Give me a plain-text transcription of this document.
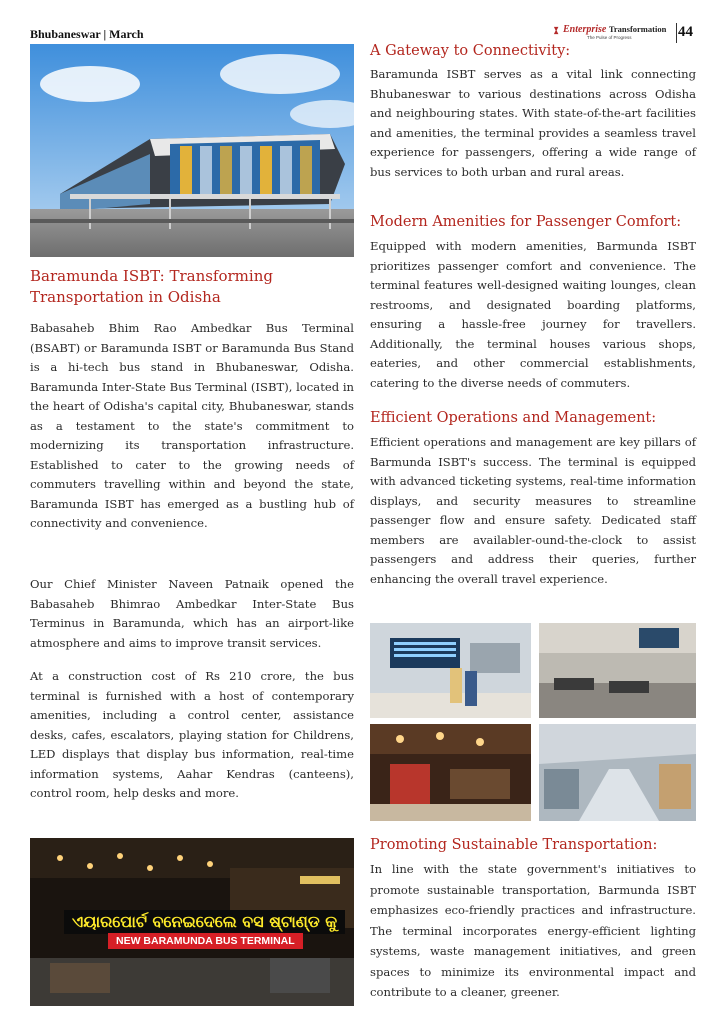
Bhubaneswar | March	Enterprise Transformation
The Pulse of Progress	44
Baramunda ISBT: Transforming Transportation in Odisha

Babasaheb Bhim Rao Ambedkar Bus Terminal (BSABT) or Baramunda ISBT or Baramunda Bus Stand is a hi-tech bus stand in Bhubaneswar, Odisha. Baramunda Inter-State Bus Terminal (ISBT), located in the heart of Odisha's capital city, Bhubaneswar, stands as a testament to the state's commitment to modernizing its transportation infrastructure. Established to cater to the growing needs of commuters travelling within and beyond the state, Baramunda ISBT has emerged as a bustling hub of connectivity and convenience.

Our Chief Minister Naveen Patnaik opened the Babasaheb Bhimrao Ambedkar Inter-State Bus Terminus in Baramunda, which has an airport-like atmosphere and aims to improve transit services.

At a construction cost of Rs 210 crore, the bus terminal is furnished with a host of contemporary amenities, including a control center, assistance desks, cafes, escalators, playing station for Childrens, LED displays that display bus information, real-time information systems, Aahar Kendras (canteens), control room, help desks and more.

ଏୟାରପୋର୍ଟ ବନେଇଦେଲେ ବସ ଷ୍ଟାଣ୍ଡ କୁ
NEW BARAMUNDA BUS TERMINAL
A Gateway to Connectivity:

Baramunda ISBT serves as a vital link connecting Bhubaneswar to various destinations across Odisha and neighbouring states. With state-of-the-art facilities and amenities, the terminal provides a seamless travel experience for passengers, offering a wide range of bus services to both urban and rural areas.

Modern Amenities for Passenger Comfort:

Equipped with modern amenities, Barmunda ISBT prioritizes passenger comfort and convenience. The terminal features well-designed waiting lounges, clean restrooms, and designated boarding platforms, ensuring a hassle-free journey for travellers. Additionally, the terminal houses various shops, eateries, and other commercial establishments, catering to the diverse needs of commuters.

Efficient Operations and Management:

Efficient operations and management are key pillars of Barmunda ISBT's success. The terminal is equipped with advanced ticketing systems, real-time information displays, and security measures to streamline passenger flow and ensure safety. Dedicated staff members are availabler-ound-the-clock to assist passengers and address their queries, further enhancing the overall travel experience.

Promoting Sustainable Transportation:

In line with the state government's initiatives to promote sustainable transportation, Barmunda ISBT emphasizes eco-friendly practices and infrastructure. The terminal incorporates energy-efficient lighting systems, waste management initiatives, and green spaces to minimize its environmental impact and contribute to a cleaner, greener.
